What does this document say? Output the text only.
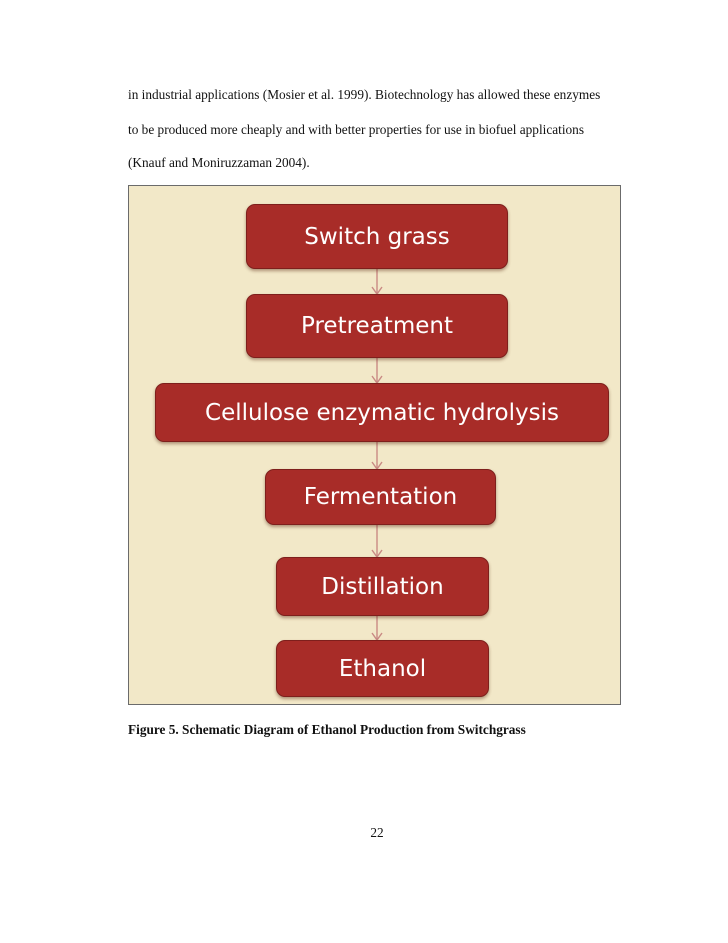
in industrial applications (Mosier et al. 1999). Biotechnology has allowed these enzymes
to be produced more cheaply and with better properties for use in biofuel applications
(Knauf and Moniruzzaman 2004).
Switch grass
Pretreatment
Cellulose enzymatic hydrolysis
Fermentation
Distillation
Ethanol
Figure 5. Schematic Diagram of Ethanol Production from Switchgrass
22
